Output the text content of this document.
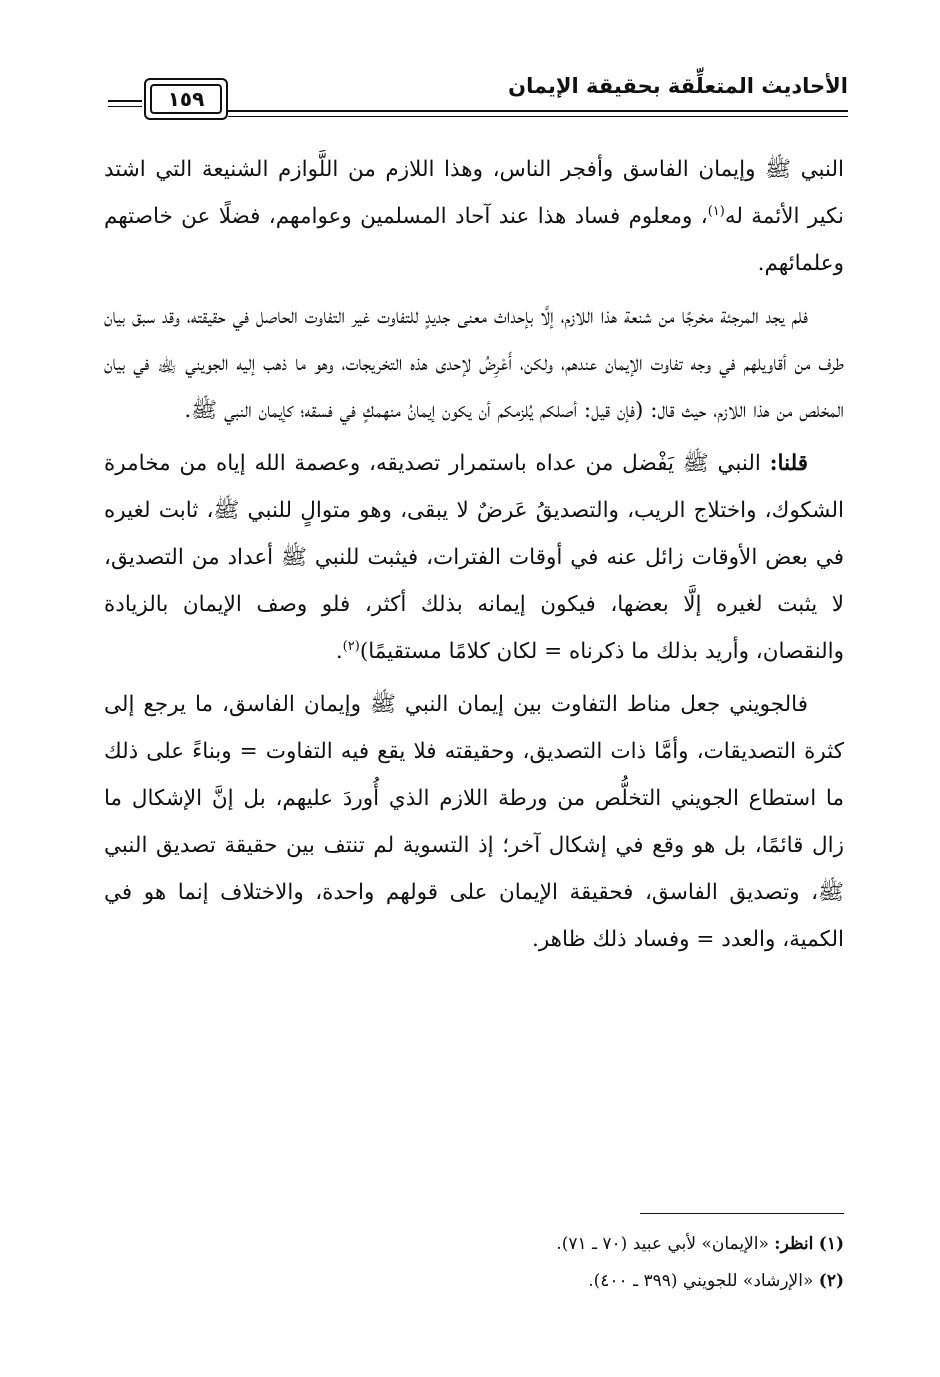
الأحاديث المتعلِّقة بحقيقة الإيمان
١٥٩

النبي ﷺ وإيمان الفاسق وأفجر الناس، وهذا اللازم من اللَّوازم الشنيعة التي اشتد نكير الأئمة له$^{(١)}$، ومعلوم فساد هذا عند آحاد المسلمين وعوامهم، فضلًا عن خاصتهم وعلمائهم.

فلم يجد المرجئة مخرجًا من شنعة هذا اللازم، إلَّا بإحداث معنى جديدٍ للتفاوت غير التفاوت الحاصل في حقيقته، وقد سبق بيان طرف من أقاويلهم في وجه تفاوت الإيمان عندهم، ولكن، أَعْرِضُ لإحدى هذه التخريجات، وهو ما ذهب إليه الجويني ﵀ في بيان المخلص من هذا اللازم، حيث قال: (فإن قيل: أصلكم يُلزمكم أن يكون إيمانُ منهمكٍ في فسقه؛ كإيمان النبي ﷺ.

قلنا: النبي ﷺ يَفْضل من عداه باستمرار تصديقه، وعصمة الله إياه من مخامرة الشكوك، واختلاج الريب، والتصديقُ عَرضٌ لا يبقى، وهو متوالٍ للنبي ﷺ، ثابت لغيره في بعض الأوقات زائل عنه في أوقات الفترات، فيثبت للنبي ﷺ أعداد من التصديق، لا يثبت لغيره إلَّا بعضها، فيكون إيمانه بذلك أكثر، فلو وصف الإيمان بالزيادة والنقصان، وأريد بذلك ما ذكرناه = لكان كلامًا مستقيمًا)$^{(٢)}$.

فالجويني جعل مناط التفاوت بين إيمان النبي ﷺ وإيمان الفاسق، ما يرجع إلى كثرة التصديقات، وأمَّا ذات التصديق، وحقيقته فلا يقع فيه التفاوت = وبناءً على ذلك ما استطاع الجويني التخلُّص من ورطة اللازم الذي أُوردَ عليهم، بل إنَّ الإشكال ما زال قائمًا، بل هو وقع في إشكال آخر؛ إذ التسوية لم تنتف بين حقيقة تصديق النبي ﷺ، وتصديق الفاسق، فحقيقة الإيمان على قولهم واحدة، والاختلاف إنما هو في الكمية، والعدد = وفساد ذلك ظاهر.

(١) انظر: «الإيمان» لأبي عبيد (٧٠ ـ ٧١).
(٢) «الإرشاد» للجويني (٣٩٩ ـ ٤٠٠).
